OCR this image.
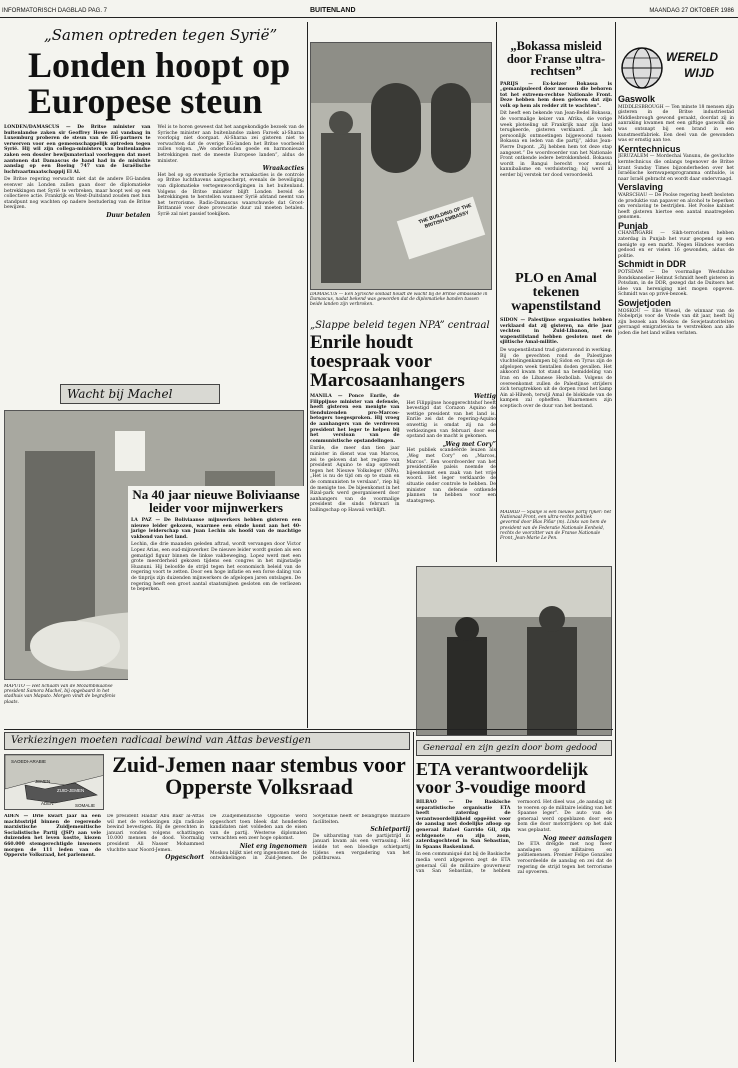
INFORMATORISCH DAGBLAD PAG. 7	BUITENLAND	MAANDAG 27 OKTOBER 1986
„Samen optreden tegen Syrië”
Londen hoopt op Europese steun

LONDEN/DAMASCUS — De Britse minister van buitenlandse zaken sir Geoffrey Howe zal vandaag in Luxemburg proberen de steun van de EG-partners te verwerven voor een gemeenschappelijk optreden tegen Syrië. Hij wil zijn collega-ministers van buitenlandse zaken een dossier bewijsmateriaal voorleggen dat moet aantonen dat Damascus de hand had in de mislukte aanslag op een Boeing 747 van de Israëlische luchtvaartmaatschappij El Al.

De Britse regering verwacht niet dat de andere EG-landen evenver als Londen zullen gaan door de diplomatieke betrekkingen met Syrië te verbreken, maar hoopt wel op een collectieve actie. Frankrijk en West-Duitsland zouden met hun standpunt nog wachten op nadere bestudering van de Britse bewijzen.

Duur betalen

Wel is te horen geweest dat het aangekondigde bezoek van de Syrische minister aan buitenlandse zaken Faroek al-Sharaa voorlopig niet doorgaat. Al-Sharaa zei gisteren niet te verwachten dat de overige EG-landen het Britse voorbeeld zullen volgen. „We onderhouden goede en harmonieuze betrekkingen met de meeste Europese landen”, aldus de minister.

Wraakacties

Het bel op op eventuele Syrische wraakacties is de controle op Britse luchthavens aangescherpt, evenals de beveiliging van diplomatieke vertegenwoordigingen in het buitenland. Volgens de Britse minister blijft Londen bereid de betrekkingen te herstellen wanneer Syrië afstand neemt van het terrorisme. Radio-Damascus waarschuwde dat Groot-Brittannië voor deze provocatie duur zal moeten betalen. Syrië zal niet passief toekijken.

Wacht bij Machel
MAPUTO — Het lichaam van de Mozambikaanse president Samora Machel, bij opgebaard in het stadhuis van Maputo. Morgen vindt de begrafenis plaats.
Na 40 jaar nieuwe Boliviaanse leider voor mijnwerkers

LA PAZ — De Boliviaanse mijnwerkers hebben gisteren een nieuwe leider gekozen, waarmee een einde komt aan het 40-jarige leiderschap van Juan Lechin als hoofd van de machtige vakbond van het land.

Lechin, die drie maanden geleden aftrad, wordt vervangen door Victor Lopez Arias, een oud-mijnwerker. De nieuwe leider wordt gezien als een gematigd figuur binnen de linkse vakbeweging. Lopez werd met een grote meerderheid gekozen tijdens een congres in het mijnstadje Huanuni. Hij beloofde de strijd tegen het economisch beleid van de regering voort te zetten. Door een hoge inflatie en een forse daling van de tinprijs zijn duizenden mijnwerkers de afgelopen jaren ontslagen. De regering heeft een groot aantal staatsmijnen gesloten om de verliezen te beperken.

THE BUILDING OF THE BRITISH EMBASSY
DAMASCUS — Een Syrische soldaat houdt de wacht bij de Britse ambassade in Damascus, nadat bekend was geworden dat de diplomatieke banden tussen beide landen zijn verbroken.
„Bokassa misleid door Franse ultra-rechtsen”

PARIJS — Ex-keizer Bokassa is „gemanipuleerd door mensen die behoren tot het extreem-rechtse Nationale Front. Deze hebben hem doen geloven dat zijn volk op hem als redder zit te wachten”.

Dit heeft een bekende van Jean-Bedel Bokassa, de voormalige keizer van Afrika, die vorige week plotseling uit Frankrijk naar zijn land terugkeerde, gisteren verklaard. „Ik heb persoonlijk ontmoetingen bijgewoond tussen Bokassa en leden van die partij”, aldus Jean-Pierre Dupont. „Zij hebben hem tot deze stap aangezet.” De woordvoerder van het Nationale Front ontkende iedere betrokkenheid. Bokassa wordt in Bangui berecht voor moord, kannibalisme en verduistering; hij werd al eerder bij verstek ter dood veroordeeld.

PLO en Amal tekenen wapenstilstand

SIDON — Palestijnse organisaties hebben verklaard dat zij gisteren, na drie jaar vechten in Zuid-Libanon, een wapenstilstand hebben gesloten met de sjiitische Amal-militie.

De wapenstilstand trad gisteravond in werking. Bij de gevechten rond de Palestijnse vluchtelingenkampen bij Sidon en Tyrus zijn de afgelopen week tientallen doden gevallen. Het akkoord kwam tot stand na bemiddeling van Iran en de Libanese Hezbollah. Volgens de overeenkomst zullen de Palestijnse strijders zich terugtrekken uit de dorpen rond het kamp Ain al-Hilweh, terwijl Amal de blokkade van de kampen zal opheffen. Waarnemers zijn sceptisch over de duur van het bestand.

MADRID — Spanje is een nieuwe partij rijker: het Nationaal Front, een ultra-rechts politiek gevormd door Blas Piñar (m). Links van hem de president van de Federatie Nationale Eenheid, rechts de voorzitter van de Franse Nationale Front, Jean-Marie Le Pen.
„Slappe beleid tegen NPA” centraal
Enrile houdt toespraak voor Marcosaanhangers

MANILA — Ponce Enrile, de Filippijnse minister van defensie, heeft gisteren een menigte van tienduizenden pro-Marcos-betogers toegesproken. Hij vroeg de aanhangers van de verdreven president het leger te helpen bij het versloan van de communistische opstandelingen.

Enrile, die meer dan tien jaar minister in dienst was van Marcos, zei te geloven dat het regime van president Aquino te slap optreedt tegen het Nieuwe Volksleger (NPA). „Het is nu de tijd om op te staan en de communisten te verslaan”, riep hij de menigte toe. De bijeenkomst in het Rizal-park werd georganiseerd door aanhangers van de voormalige president die sinds februari in ballingschap op Hawaii verblijft.

Wettig

Het Filippijnse hooggerechtshof heeft bevestigd dat Corazon Aquino de wettige president van het land is. Enrile zei dat de regering-Aquino onwettig is omdat zij na de verkiezingen van februari door een opstand aan de macht is gekomen.

„Weg met Cory”

Het publiek scandeerde leuzen als „Weg met Cory” en „Marcos, Marcos”. Een woordvoerder van het presidentiële paleis noemde de bijeenkomst een zaak van het vrije woord. Het leger verklaarde de situatie onder controle te hebben. De minister van defensie ontkende plannen te hebben voor een staatsgreep.

WERELD
WIJD
Gaswolk

MIDDLESBROUGH — Ten minste 18 mensen zijn gisteren in de Britse industriestad Middlesbrough gewond geraakt, doordat zij in aanraking kwamen met een giftige gaswolk die was ontsnapt bij een brand in een kunstmestfabriek. Een deel van de gewonden was er ernstig aan toe.

Kerntechnicus

JERUZALEM — Mordechai Vanunu, de gevluchte kerntechnicus die onlangs tegenover de Britse krant Sunday Times bijzonderheden over het Israëlische kernwapenprogramma onthulde, is naar Israël gebracht en wordt daar ondervraagd.

Verslaving

WARSCHAU — De Poolse regering heeft besloten de produktie van papaver en alcohol te beperken om verslaving te bestrijden. Het Poolse kabinet heeft gisteren hiertoe een aantal maatregelen genomen.

Punjab

CHANDIGARH — Sikh-terroristen hebben zaterdag in Punjab het vuur geopend op een menigte op een markt. Negen Hindoes werden gedood en er vielen 16 gewonden, aldus de politie.

Schmidt in DDR

POTSDAM — De voormalige Westduitse Bondskanselier Helmut Schmidt heeft gisteren in Potsdam, in de DDR, gezegd dat de Duitsers het idee van hereniging niet mogen opgeven. Schmidt was op privé-bezoek.

Sowjetjoden

MOSKOU — Elie Wiesel, de winnaar van de Nobelprijs voor de Vrede van dit jaar, heeft bij zijn bezoek aan Moskou de Sowjetautoriteiten gevraagd emigratievisa te verstrekken aan alle joden die het land willen verlaten.

Verkiezingen moeten radicaal bewind van Attas bevestigen
SAOEDI-ARABIE
JEMEN
ZUID-JEMEN
ADEN	SOMALIE
Zuid-Jemen naar stembus voor Opperste Volksraad

ADEN — Drie kwart jaar na een machtsstrijd binnen de regerende marxistische Zuidjemenitische Socialistische Partij (JSP) aan vele duizenden het leven kostte, kiezen 660.000 stemgerechtigde inwoners morgen de 111 leden van de Opperste Volksraad, het parlement.

De president Haidar Abu Bakr al-Attas wil met de verkiezingen zijn radicale bewind bevestigen. Bij de gevechten in januari vonden volgens schattingen 10.000 mensen de dood. Voormalig president Ali Nasser Mohammed vluchtte naar Noord-Jemen.

Opgeschort

De Zuidjemenitische Oppositie werd opgeschort toen bleek dat honderden kandidaten niet voldeden aan de eisen van de partij. Westerse diplomaten verwachten een zeer hoge opkomst.

Niet erg ingenomen

Moskou blijkt niet erg ingenomen met de ontwikkelingen in Zuid-Jemen. De Sovjetunie heeft er belangrijke militaire faciliteiten.

Schietpartij

De uitbarsting van de partijstrijd in januari kwam als een verrassing. Het leidde tot een bloedige schietpartij tijdens een vergadering van het politbureau.

Generaal en zijn gezin door bom gedood
ETA verantwoordelijk voor 3-voudige moord

BILBAO — De Baskische separatistische organisatie ETA heeft zaterdag de verantwoordelijkheid opgeëist voor de aanslag met dodelijke afloop op generaal Rafael Garrido Gil, zijn echtgenote en zijn zoon, zaterdagochtend in San Sebastian, in Spaans Baskenland.

In een communiqué dat bij de Baskische media werd afgegeven zegt de ETA generaal Gil de militaire gouverneur van San Sebastian, te hebben vermoord. Het dieel was „de aanslag uit te voeren op de militaire leiding van het Spaanse leger”. De auto van de generaal werd opgeblazen door een bom die door motorrijders op het dak was geplaatst.

Nog meer aanslagen

De ETA dreigde met nog meer aanslagen op militairen en politiemensen. Premier Felipe González veroordeelde de aanslag en zei dat de regering de strijd tegen het terrorisme zal opvoeren.
